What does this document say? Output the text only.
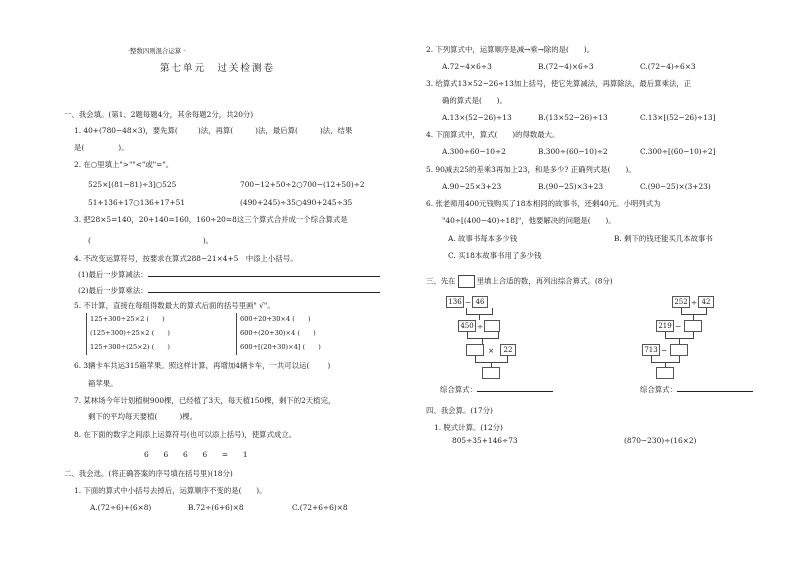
·整数四则混合运算 ·
第七单元　过关检测卷
一、我会填。(第1、2题每题4分，其余每题2分，共20分)
1. 40+(780−48×3)，要先算(	)法，再算(	)法，最后算(	)法，结果
是(	)。
2. 在○里填上">""<"或"="。
525×[(81−81)÷3]○525	700−12+50÷2○700−(12+50)÷2
51+136+17○136+17+51	(490+245)÷35○490+245÷35
3. 把28×5=140，20+140=160，160÷20=8这三个算式合并成一个综合算式是
(	)。
4. 不改变运算符号，按要求在算式288−21×4+5　中添上小括号。
(1)最后一步算减法：
(2)最后一步算乘法：
5. 不计算，直接在每组得数最大的算式后面的括号里画" √"。
125+300÷25×2 (　　)
(125+300)÷25×2 (　　)
125+300÷(25×2) (　　)
600÷20+30×4 (　　)
600÷(20+30)×4 (　　)
600÷[(20+30)×4] (　　)
6. 3辆卡车共运315箱苹果。照这样计算，再增加4辆卡车，一共可以运( )
箱苹果。
7. 某林场今年计划植树900棵，已经植了3天，每天植150棵，剩下的2天植完，
剩下的平均每天要植(	)棵。
8. 在下面的数字之间添上运算符号(也可以添上括号)，使算式成立。
6　　6　　6　　6　　=　　1
二、我会选。(将正确答案的序号填在括号里)(18分)
1. 下面的算式中小括号去掉后，运算顺序不变的是(　　)。
A.(72÷6)+(6×8)	B.72÷(6+6)×8	C.(72+6÷6)×8
2. 下列算式中，运算顺序是减→乘→除的是(　　)。
A.72−4×6÷3	B.(72−4)×6÷3	C.(72−4)÷6×3
3. 给算式13×52−26÷13加上括号，使它先算减法，再算除法，最后算乘法，正
确的算式是(　　)。
A.13×(52−26)÷13	B.(13×52−26)÷13	C.13×[(52−26)÷13]
4. 下面算式中，算式(　　)的得数最大。
A.300÷60−10÷2	B.300÷(60−10)÷2	C.300÷[(60−10)÷2]
5. 90减去25的差乘3再加上23，和是多少? 正确列式是(　　)。
A.90−25×3+23	B.(90−25)×3+23	C.(90−25)×(3+23)
6. 张老师用400元钱购买了18本相同的故事书，还剩40元。小明列式为
"40÷[(400−40)÷18]"，他要解决的问题是(　　)。
A. 故事书每本多少钱	B. 剩下的钱还能买几本故事书
C. 买18本故事书用了多少钱
三、先在	里填上合适的数，再列出综合算式。(8分)
136 − 46
450 ÷
×	22
252 ÷ 42
219 −
713 −
综合算式：	综合算式：
四、我会算。(17分)
1. 脱式计算。(12分)
805÷35+146÷73	(870−230)÷(16×2)
